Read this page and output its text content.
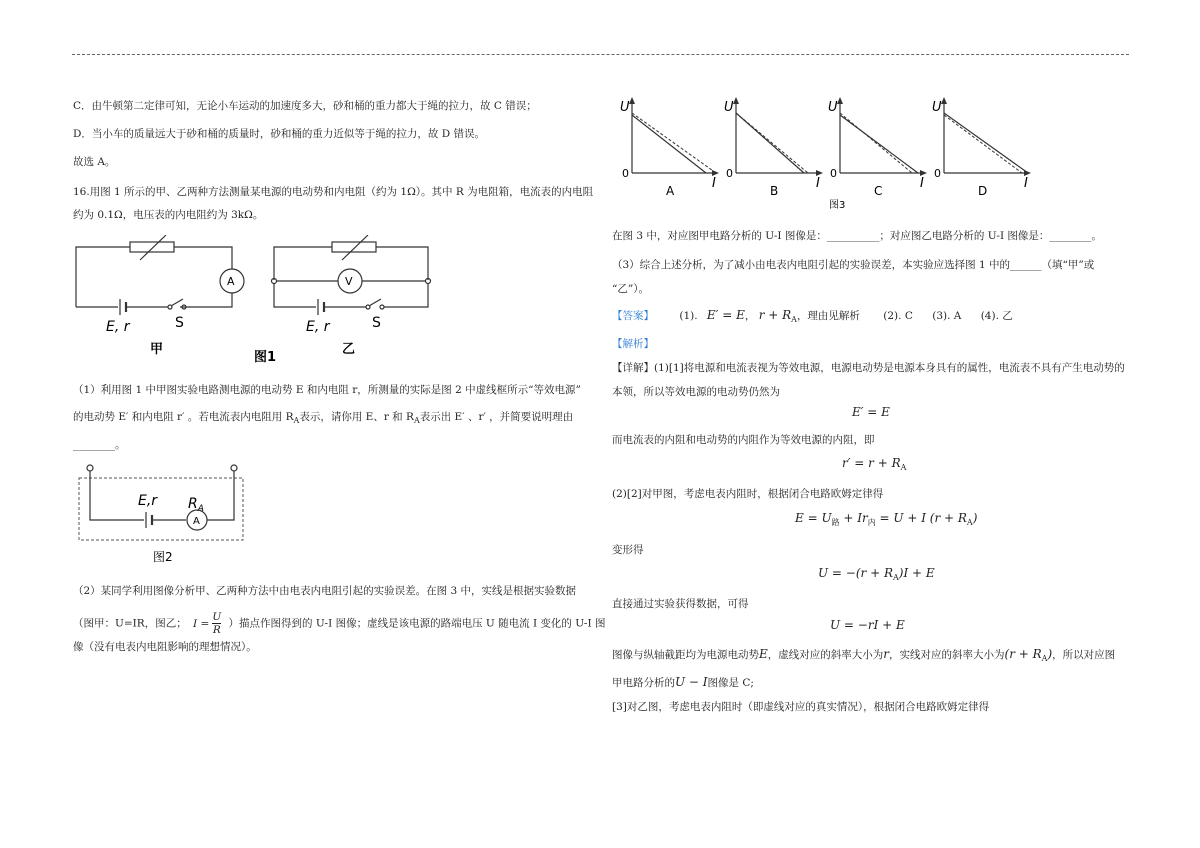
C．由牛顿第二定律可知，无论小车运动的加速度多大，砂和桶的重力都大于绳的拉力，故 C 错误；
D．当小车的质量远大于砂和桶的质量时，砂和桶的重力近似等于绳的拉力，故 D 错误。
故选 A。
16.用图 1 所示的甲、乙两种方法测量某电源的电动势和内电阻（约为 1Ω）。其中 R 为电阻箱，电流表的内电阻
约为 0.1Ω，电压表的内电阻约为 3kΩ。
A
E, r	S
甲
图1
V
E, r	S
乙
（1）利用图 1 中甲图实验电路测电源的电动势 E 和内电阻 r，所测量的实际是图 2 中虚线框所示“等效电源”
的电动势 E′ 和内电阻 r′ 。若电流表内电阻用 $R_A$表示，请你用 E、r 和 $R_A$表示出 E′ 、r′ ，并简要说明理由
________。
E,r $R_A$
A
图2
（2）某同学利用图像分析甲、乙两种方法中由电表内电阻引起的实验误差。在图 3 中，实线是根据实验数据
（图甲：U=IR，图乙； $I = \frac{U}{R}$ ）描点作图得到的 U-I 图像；虚线是该电源的路端电压 U 随电流 I 变化的 U-I 图
像（没有电表内电阻影响的理想情况）。
U
0
I
A
U
0
I
B
U
0
I
C
U
0
I
D
图3
在图 3 中，对应图甲电路分析的 U-I 图像是：__________；对应图乙电路分析的 U-I 图像是：________。
（3）综合上述分析，为了减小由电表内电阻引起的实验误差，本实验应选择图 1 中的______（填“甲”或
“乙”）。
【答案】 (1). E′ = E， $r + R_A$，理由见解析 (2). C (3). A (4). 乙
【解析】
【详解】(1)[1]将电源和电流表视为等效电源，电源电动势是电源本身具有的属性，电流表不具有产生电动势的
本领，所以等效电源的电动势仍然为
E′ = E
而电流表的内阻和电动势的内阻作为等效电源的内阻，即
$r' = r + R_A$
(2)[2]对甲图，考虑电表内阻时，根据闭合电路欧姆定律得
$E = U_路 + Ir_内 = U + I$ $(r + R_A)$
变形得
$U = -(r + R_A)I + E$
直接通过实验获得数据，可得
U = −rI + E
图像与纵轴截距均为电源电动势E，虚线对应的斜率大小为r，实线对应的斜率大小为$(r + R_A)$，所以对应图
甲电路分析的U − I图像是 C;
[3]对乙图，考虑电表内阻时（即虚线对应的真实情况），根据闭合电路欧姆定律得
